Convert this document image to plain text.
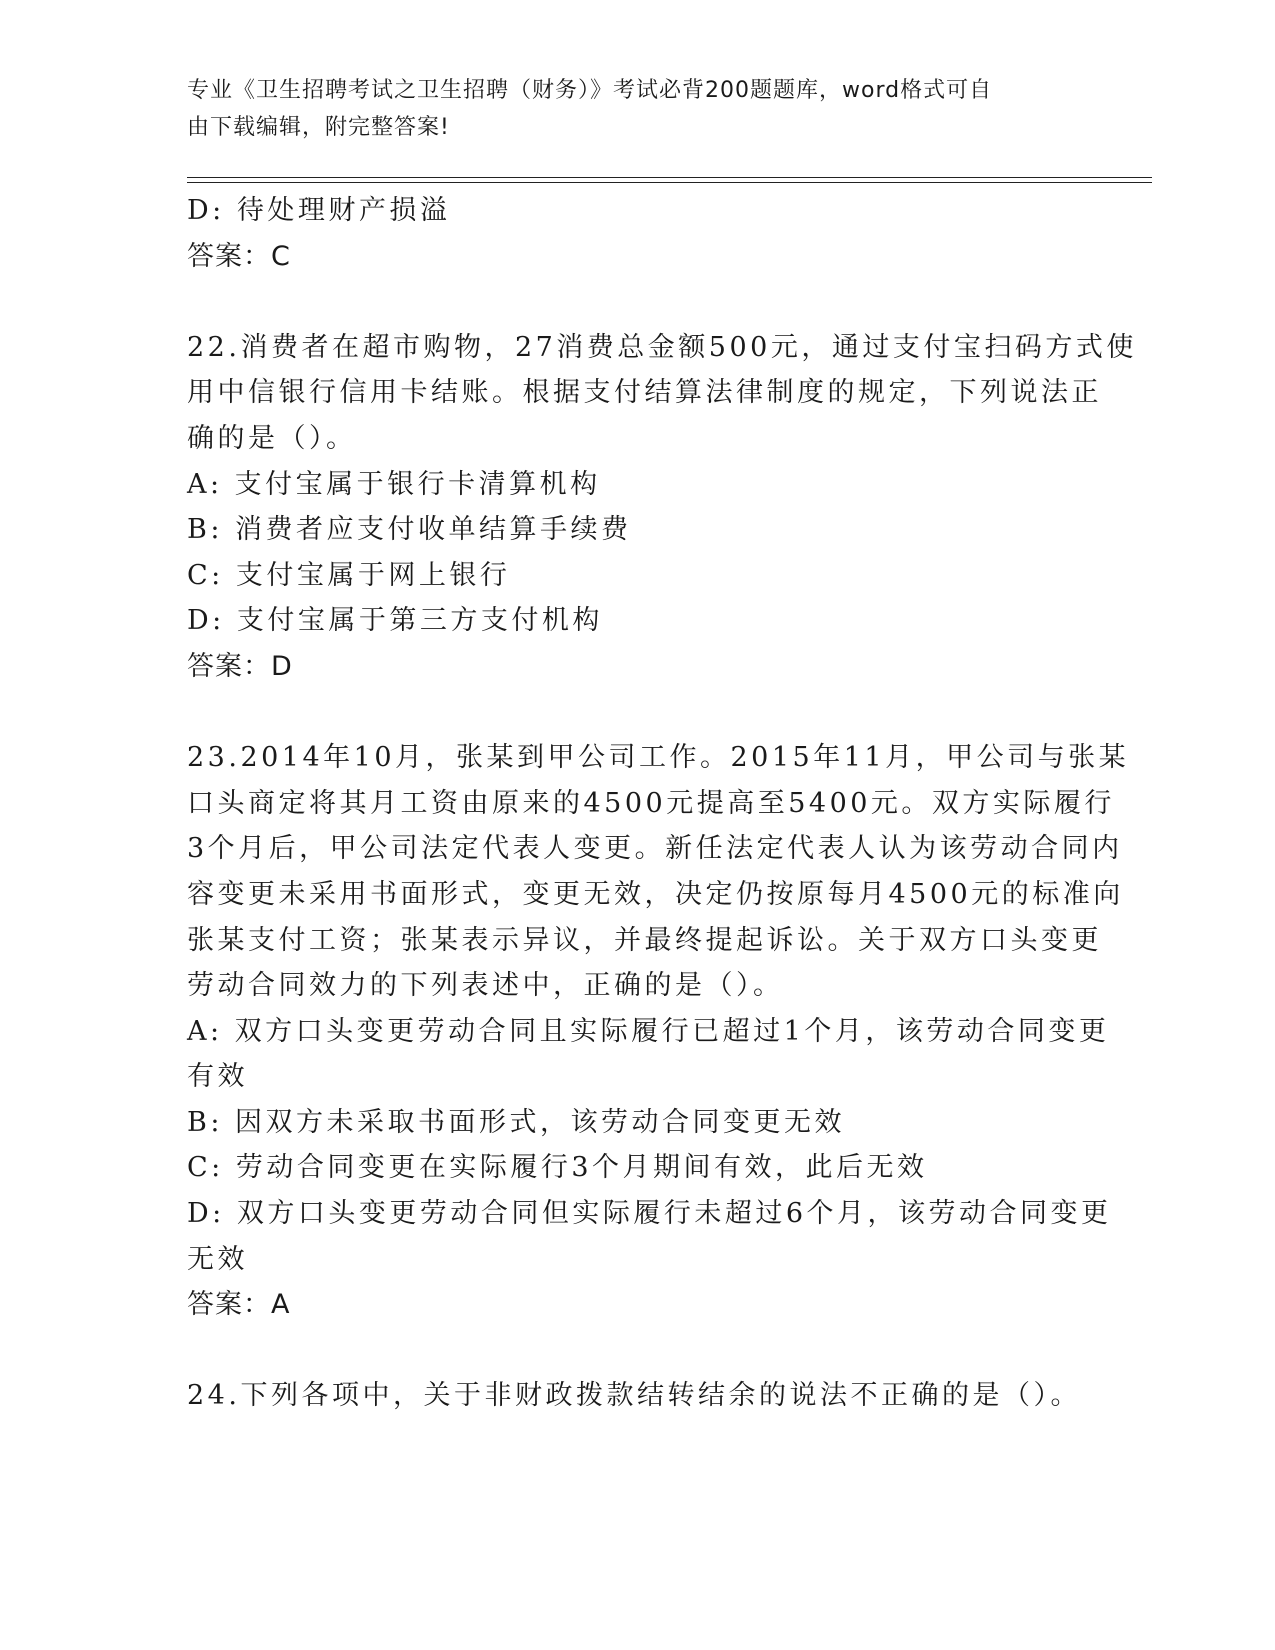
专业《卫生招聘考试之卫生招聘（财务）》考试必背200题题库，word格式可自
由下载编辑，附完整答案!
D: 待处理财产损溢
答案：C
22.消费者在超市购物，27消费总金额500元，通过支付宝扫码方式使
用中信银行信用卡结账。根据支付结算法律制度的规定，下列说法正
确的是（）。
A: 支付宝属于银行卡清算机构
B: 消费者应支付收单结算手续费
C: 支付宝属于网上银行
D: 支付宝属于第三方支付机构
答案：D
23.2014年10月，张某到甲公司工作。2015年11月，甲公司与张某
口头商定将其月工资由原来的4500元提高至5400元。双方实际履行
3个月后，甲公司法定代表人变更。新任法定代表人认为该劳动合同内
容变更未采用书面形式，变更无效，决定仍按原每月4500元的标准向
张某支付工资；张某表示异议，并最终提起诉讼。关于双方口头变更
劳动合同效力的下列表述中，正确的是（）。
A: 双方口头变更劳动合同且实际履行已超过1个月，该劳动合同变更
有效
B: 因双方未采取书面形式，该劳动合同变更无效
C: 劳动合同变更在实际履行3个月期间有效，此后无效
D: 双方口头变更劳动合同但实际履行未超过6个月，该劳动合同变更
无效
答案：A
24.下列各项中，关于非财政拨款结转结余的说法不正确的是（）。
